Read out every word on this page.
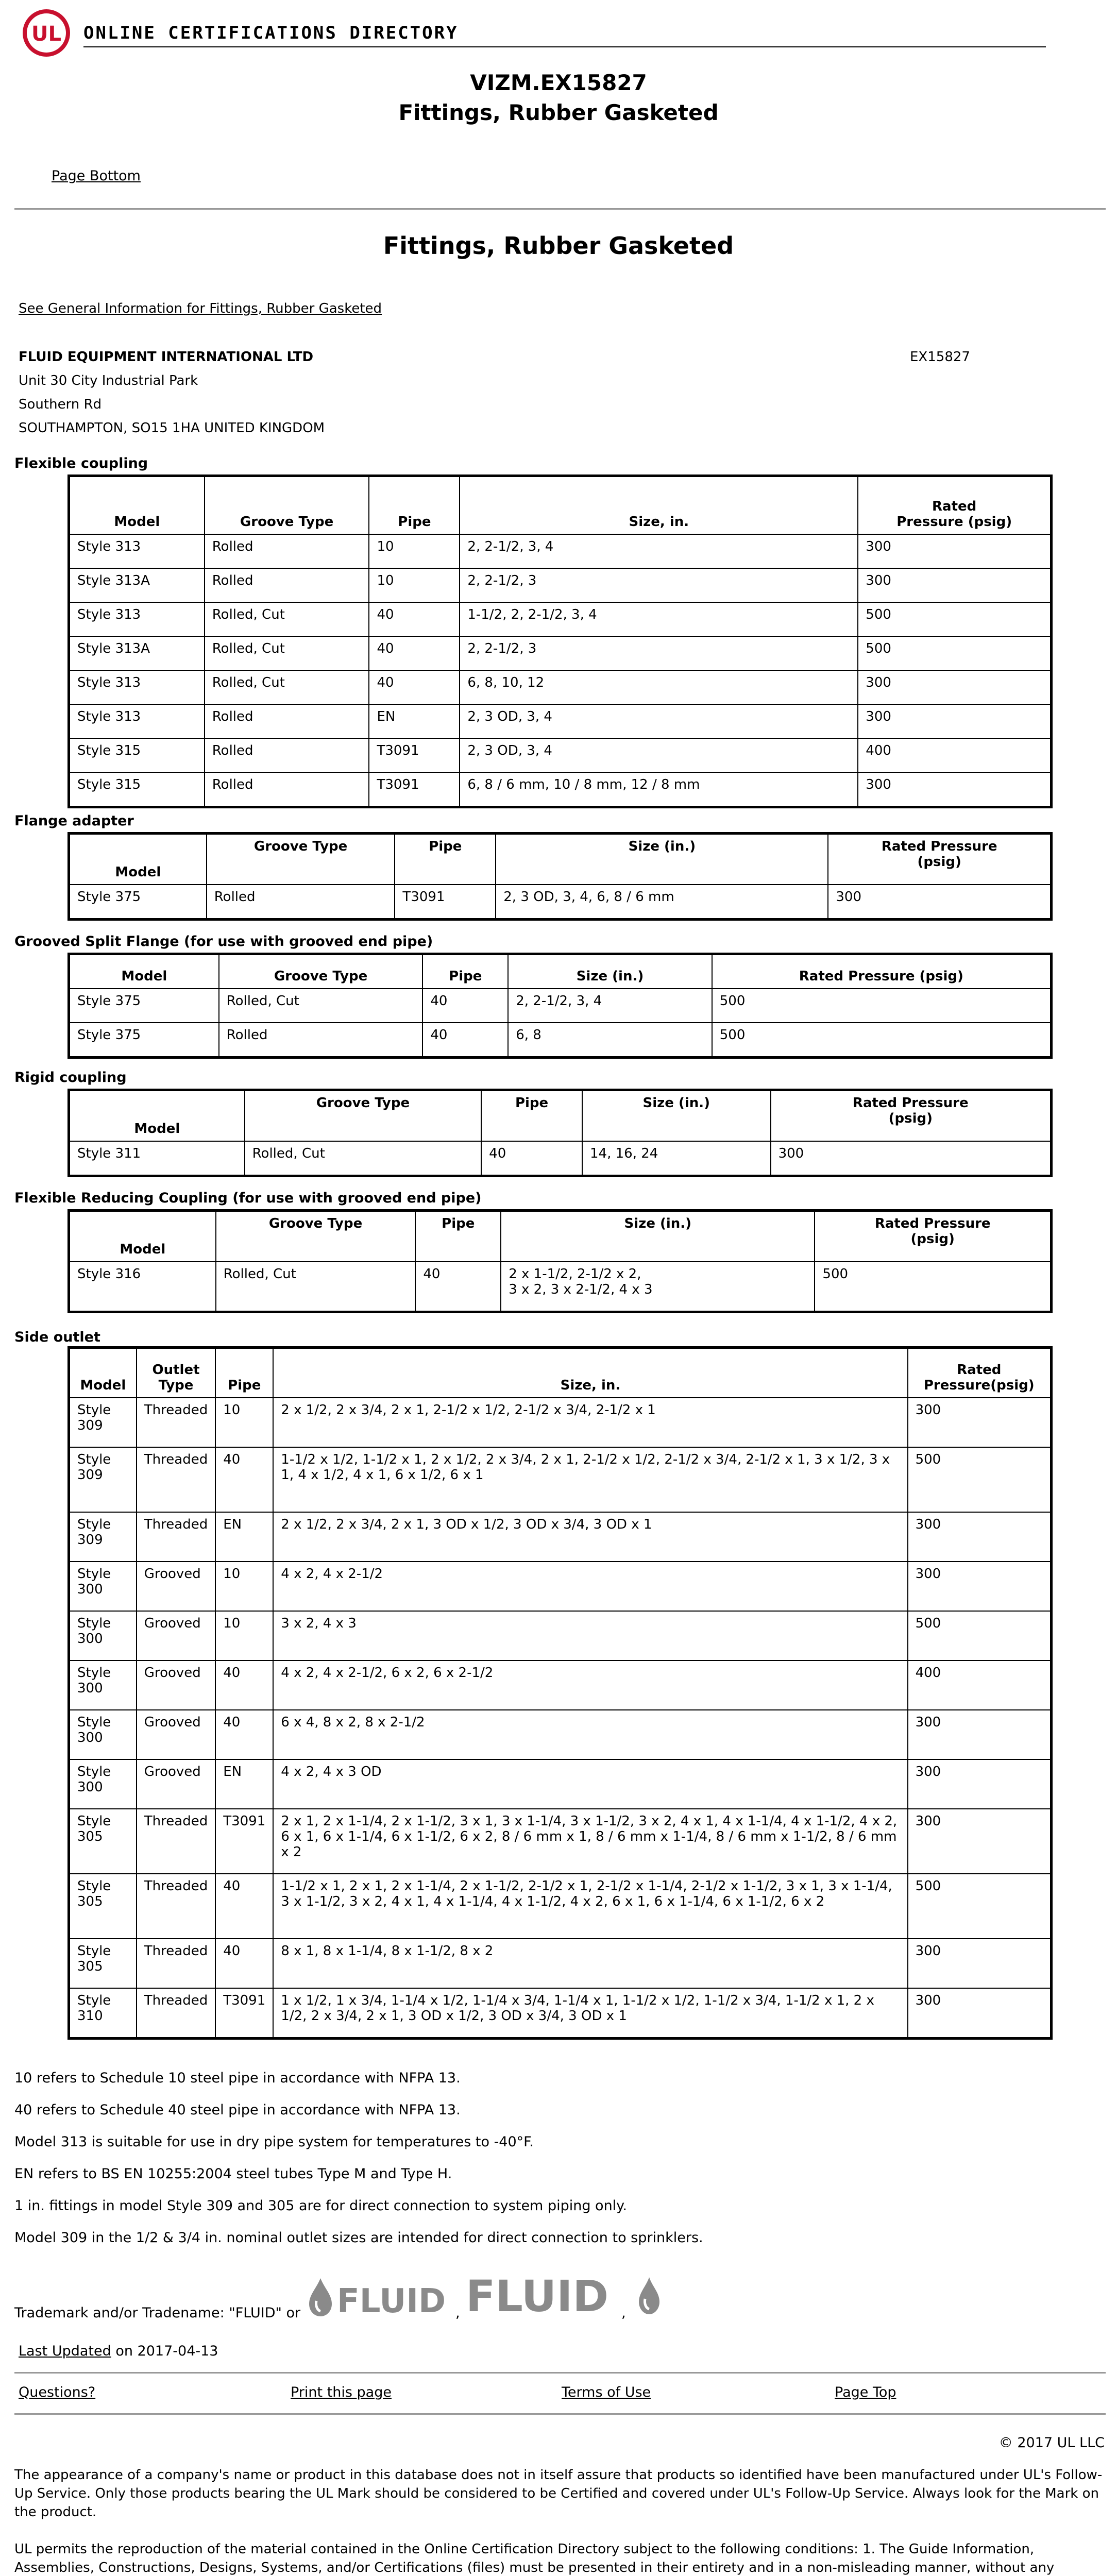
UL ONLINE CERTIFICATIONS DIRECTORY
VIZM.EX15827
Fittings, Rubber Gasketed
Page Bottom
Fittings, Rubber Gasketed
See General Information for Fittings, Rubber Gasketed
FLUID EQUIPMENT INTERNATIONAL LTD	EX15827
Unit 30 City Industrial Park
Southern Rd
SOUTHAMPTON, SO15 1HA UNITED KINGDOM
Flexible coupling
Model	Groove Type	Pipe	Size, in.	Rated
Pressure (psig)
Style 313	Rolled	10	2, 2-1/2, 3, 4	300
Style 313A	Rolled	10	2, 2-1/2, 3	300
Style 313	Rolled, Cut	40	1-1/2, 2, 2-1/2, 3, 4	500
Style 313A	Rolled, Cut	40	2, 2-1/2, 3	500
Style 313	Rolled, Cut	40	6, 8, 10, 12	300
Style 313	Rolled	EN	2, 3 OD, 3, 4	300
Style 315	Rolled	T3091	2, 3 OD, 3, 4	400
Style 315	Rolled	T3091	6, 8 / 6 mm, 10 / 8 mm, 12 / 8 mm	300
Flange adapter
Model	Groove Type	Pipe	Size (in.)	Rated Pressure
(psig)
Style 375	Rolled	T3091	2, 3 OD, 3, 4, 6, 8 / 6 mm	300
Grooved Split Flange (for use with grooved end pipe)
Model	Groove Type	Pipe	Size (in.)	Rated Pressure (psig)
Style 375	Rolled, Cut	40	2, 2-1/2, 3, 4	500
Style 375	Rolled	40	6, 8	500
Rigid coupling
Model	Groove Type	Pipe	Size (in.)	Rated Pressure
(psig)
Style 311	Rolled, Cut	40	14, 16, 24	300
Flexible Reducing Coupling (for use with grooved end pipe)
Model	Groove Type	Pipe	Size (in.)	Rated Pressure
(psig)
Style 316	Rolled, Cut	40	2 x 1-1/2, 2-1/2 x 2,
3 x 2, 3 x 2-1/2, 4 x 3	500
Side outlet
Model	Outlet
Type	Pipe	Size, in.	Rated
Pressure(psig)
Style
309	Threaded	10	2 x 1/2, 2 x 3/4, 2 x 1, 2-1/2 x 1/2, 2-1/2 x 3/4, 2-1/2 x 1	300
Style
309	Threaded	40	1-1/2 x 1/2, 1-1/2 x 1, 2 x 1/2, 2 x 3/4, 2 x 1, 2-1/2 x 1/2, 2-1/2 x 3/4, 2-1/2 x 1, 3 x 1/2, 3 x 1, 4 x 1/2, 4 x 1, 6 x 1/2, 6 x 1	500
Style
309	Threaded	EN	2 x 1/2, 2 x 3/4, 2 x 1, 3 OD x 1/2, 3 OD x 3/4, 3 OD x 1	300
Style
300	Grooved	10	4 x 2, 4 x 2-1/2	300
Style
300	Grooved	10	3 x 2, 4 x 3	500
Style
300	Grooved	40	4 x 2, 4 x 2-1/2, 6 x 2, 6 x 2-1/2	400
Style
300	Grooved	40	6 x 4, 8 x 2, 8 x 2-1/2	300
Style
300	Grooved	EN	4 x 2, 4 x 3 OD	300
Style
305	Threaded	T3091	2 x 1, 2 x 1-1/4, 2 x 1-1/2, 3 x 1, 3 x 1-1/4, 3 x 1-1/2, 3 x 2, 4 x 1, 4 x 1-1/4, 4 x 1-1/2, 4 x 2, 6 x 1, 6 x 1-1/4, 6 x 1-1/2, 6 x 2, 8 / 6 mm x 1, 8 / 6 mm x 1-1/4, 8 / 6 mm x 1-1/2, 8 / 6 mm x 2	300
Style
305	Threaded	40	1-1/2 x 1, 2 x 1, 2 x 1-1/4, 2 x 1-1/2, 2-1/2 x 1, 2-1/2 x 1-1/4, 2-1/2 x 1-1/2, 3 x 1, 3 x 1-1/4, 3 x 1-1/2, 3 x 2, 4 x 1, 4 x 1-1/4, 4 x 1-1/2, 4 x 2, 6 x 1, 6 x 1-1/4, 6 x 1-1/2, 6 x 2	500
Style
305	Threaded	40	8 x 1, 8 x 1-1/4, 8 x 1-1/2, 8 x 2	300
Style
310	Threaded	T3091	1 x 1/2, 1 x 3/4, 1-1/4 x 1/2, 1-1/4 x 3/4, 1-1/4 x 1, 1-1/2 x 1/2, 1-1/2 x 3/4, 1-1/2 x 1, 2 x 1/2, 2 x 3/4, 2 x 1, 3 OD x 1/2, 3 OD x 3/4, 3 OD x 1	300
10 refers to Schedule 10 steel pipe in accordance with NFPA 13.
40 refers to Schedule 40 steel pipe in accordance with NFPA 13.
Model 313 is suitable for use in dry pipe system for temperatures to -40°F.
EN refers to BS EN 10255:2004 steel tubes Type M and Type H.
1 in. fittings in model Style 309 and 305 are for direct connection to system piping only.
Model 309 in the 1/2 & 3/4 in. nominal outlet sizes are intended for direct connection to sprinklers.
Trademark and/or Tradename: "FLUID" or FLUID , FLUID ,
Last Updated on 2017-04-13
Questions?	Print this page	Terms of Use	Page Top
© 2017 UL LLC
The appearance of a company's name or product in this database does not in itself assure that products so identified have been manufactured under UL's Follow-Up Service. Only those products bearing the UL Mark should be considered to be Certified and covered under UL's Follow-Up Service. Always look for the Mark on the product.
UL permits the reproduction of the material contained in the Online Certification Directory subject to the following conditions: 1. The Guide Information, Assemblies, Constructions, Designs, Systems, and/or Certifications (files) must be presented in their entirety and in a non-misleading manner, without any
